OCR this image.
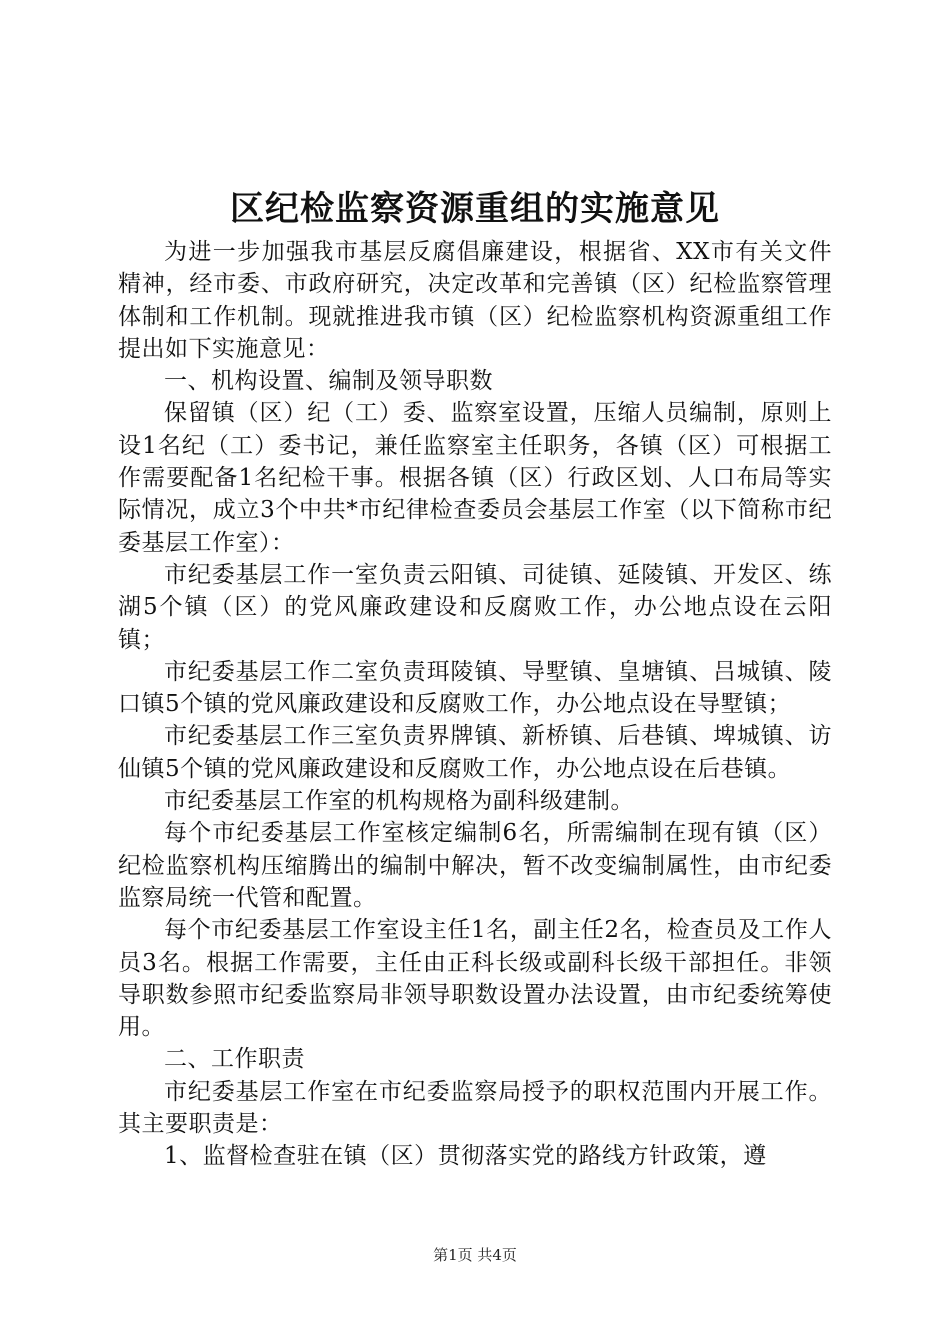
区纪检监察资源重组的实施意见

为进一步加强我市基层反腐倡廉建设，根据省、XX市有关文件精神，经市委、市政府研究，决定改革和完善镇（区）纪检监察管理体制和工作机制。现就推进我市镇（区）纪检监察机构资源重组工作提出如下实施意见：

一、机构设置、编制及领导职数

保留镇（区）纪（工）委、监察室设置，压缩人员编制，原则上设1名纪（工）委书记，兼任监察室主任职务，各镇（区）可根据工作需要配备1名纪检干事。根据各镇（区）行政区划、人口布局等实际情况，成立3个中共*市纪律检查委员会基层工作室（以下简称市纪委基层工作室）：

市纪委基层工作一室负责云阳镇、司徒镇、延陵镇、开发区、练湖5个镇（区）的党风廉政建设和反腐败工作，办公地点设在云阳镇；

市纪委基层工作二室负责珥陵镇、导墅镇、皇塘镇、吕城镇、陵口镇5个镇的党风廉政建设和反腐败工作，办公地点设在导墅镇；

市纪委基层工作三室负责界牌镇、新桥镇、后巷镇、埤城镇、访仙镇5个镇的党风廉政建设和反腐败工作，办公地点设在后巷镇。

市纪委基层工作室的机构规格为副科级建制。

每个市纪委基层工作室核定编制6名，所需编制在现有镇（区）纪检监察机构压缩腾出的编制中解决，暂不改变编制属性，由市纪委监察局统一代管和配置。

每个市纪委基层工作室设主任1名，副主任2名，检查员及工作人员3名。根据工作需要，主任由正科长级或副科长级干部担任。非领导职数参照市纪委监察局非领导职数设置办法设置，由市纪委统筹使用。

二、工作职责

市纪委基层工作室在市纪委监察局授予的职权范围内开展工作。其主要职责是：

1、监督检查驻在镇（区）贯彻落实党的路线方针政策，遵

第1页 共4页
